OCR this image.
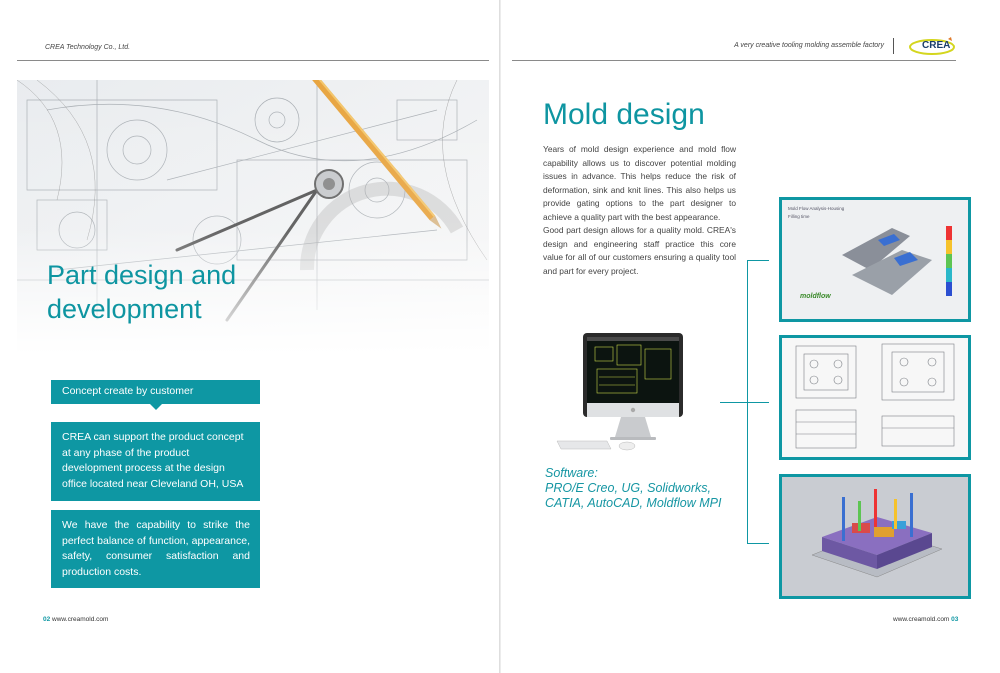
CREA Technology Co., Ltd.	A very creative tooling molding assemble factory	CREA
Part design and
development
Concept create by customer
CREA can support the product concept at any phase of the product development process at the design office located near Cleveland OH, USA
We have the capability to strike the perfect balance of function, appearance, safety, consumer satisfaction and production costs.
02 www.creamold.com
Mold design

Years of mold design experience and mold flow capability allows us to discover potential molding issues in advance. This helps reduce the risk of deformation, sink and knit lines. This also helps us provide gating options to the part designer to achieve a quality part with the best appearance.

Good part design allows for a quality mold. CREA's design and engineering staff practice this core value for all of our customers ensuring a quality tool and part for every project.

Software:
PRO/E Creo, UG, Solidworks,
CATIA, AutoCAD, Moldflow MPI
Mold Flow Analysis-Housing
Filling time
moldflow
www.creamold.com 03
